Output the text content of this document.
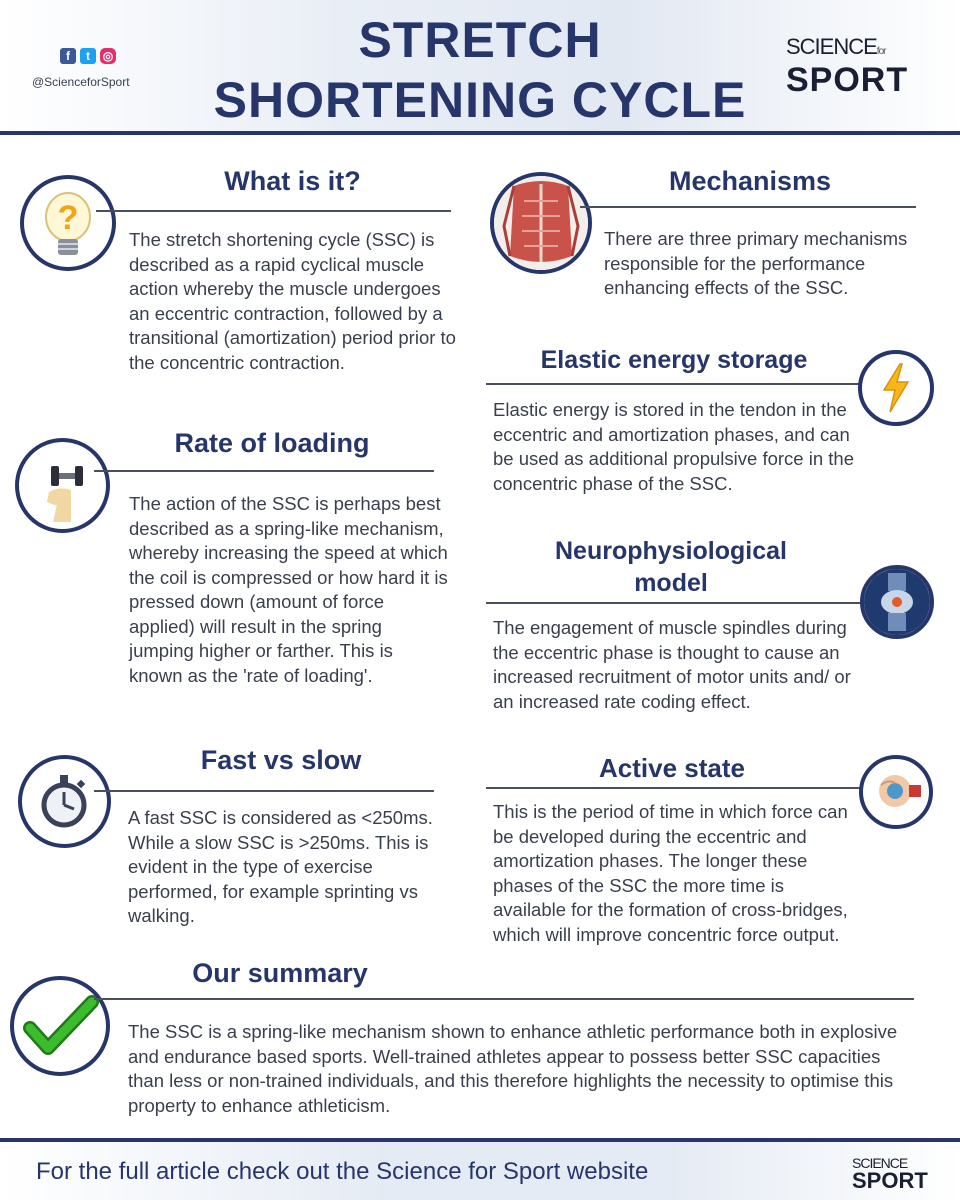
f	t	◎
@ScienceforSport
STRETCH
SHORTENING CYCLE
SCIENCEfor
SPORT
?
What is it?
The stretch shortening cycle (SSC) is described as a rapid cyclical muscle action whereby the muscle undergoes an eccentric contraction, followed by a transitional (amortization) period prior to the concentric contraction.
Mechanisms
There are three primary mechanisms responsible for the performance enhancing effects of the SSC.
Elastic energy storage
Elastic energy is stored in the tendon in the eccentric and amortization phases, and can be used as additional propulsive force in the concentric phase of the SSC.
Rate of loading
The action of the SSC is perhaps best described as a spring-like mechanism, whereby increasing the speed at which the coil is compressed or how hard it is pressed down (amount of force applied) will result in the spring jumping higher or farther. This is known as the 'rate of loading'.
Neurophysiological
model
The engagement of muscle spindles during the eccentric phase is thought to cause an increased recruitment of motor units and/ or an increased rate coding effect.
Fast vs slow
A fast SSC is considered as <250ms. While a slow SSC is >250ms. This is evident in the type of exercise performed, for example sprinting vs walking.
Active state
This is the period of time in which force can be developed during the eccentric and amortization phases. The longer these phases of the SSC the more time is available for the formation of cross-bridges, which will improve concentric force output.
Our summary
The SSC is a spring-like mechanism shown to enhance athletic performance both in explosive and endurance based sports. Well-trained athletes appear to possess better SSC capacities than less or non-trained individuals, and this therefore highlights the necessity to optimise this property to enhance athleticism.
For the full article check out the Science for Sport website	SCIENCE
SPORT
